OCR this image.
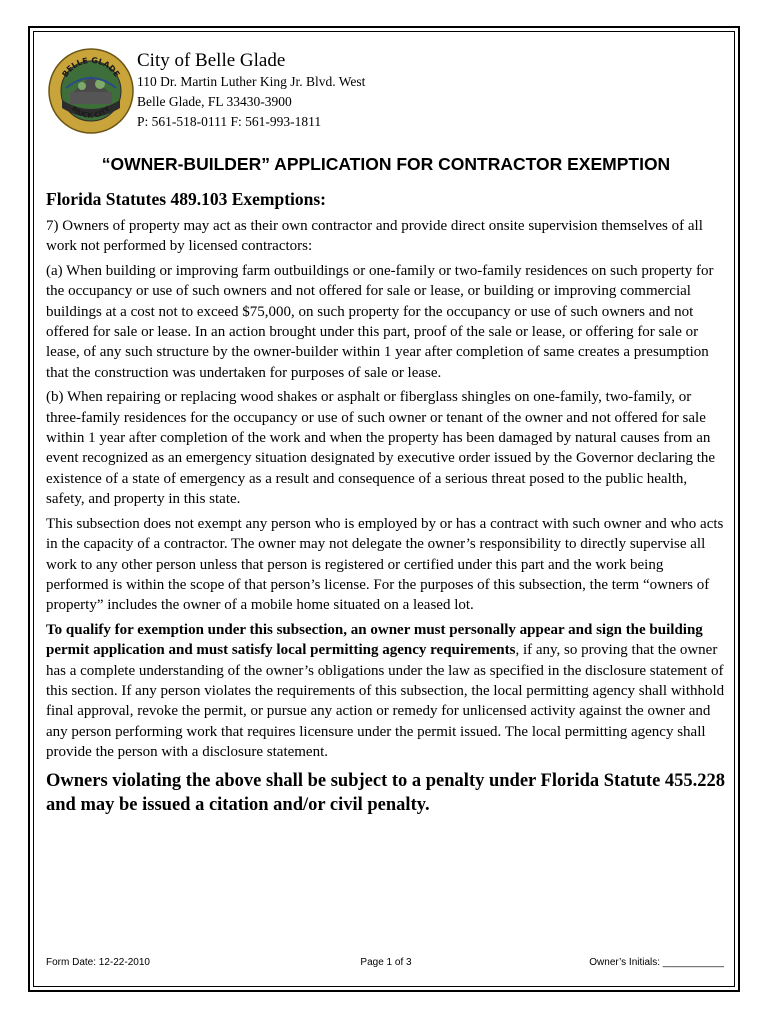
BELLE GLADE
MUCK CITY
City of Belle Glade
110 Dr. Martin Luther King Jr. Blvd. West
Belle Glade, FL 33430-3900
P: 561-518-0111 F: 561-993-1811
“OWNER-BUILDER” APPLICATION FOR CONTRACTOR EXEMPTION
Florida Statutes 489.103 Exemptions:

7) Owners of property may act as their own contractor and provide direct onsite supervision themselves of all work not performed by licensed contractors:

(a) When building or improving farm outbuildings or one-family or two-family residences on such property for the occupancy or use of such owners and not offered for sale or lease, or building or improving commercial buildings at a cost not to exceed $75,000, on such property for the occupancy or use of such owners and not offered for sale or lease. In an action brought under this part, proof of the sale or lease, or offering for sale or lease, of any such structure by the owner-builder within 1 year after completion of same creates a presumption that the construction was undertaken for purposes of sale or lease.

(b) When repairing or replacing wood shakes or asphalt or fiberglass shingles on one-family, two-family, or three-family residences for the occupancy or use of such owner or tenant of the owner and not offered for sale within 1 year after completion of the work and when the property has been damaged by natural causes from an event recognized as an emergency situation designated by executive order issued by the Governor declaring the existence of a state of emergency as a result and consequence of a serious threat posed to the public health, safety, and property in this state.

This subsection does not exempt any person who is employed by or has a contract with such owner and who acts in the capacity of a contractor. The owner may not delegate the owner’s responsibility to directly supervise all work to any other person unless that person is registered or certified under this part and the work being performed is within the scope of that person’s license. For the purposes of this subsection, the term “owners of property” includes the owner of a mobile home situated on a leased lot.

To qualify for exemption under this subsection, an owner must personally appear and sign the building permit application and must satisfy local permitting agency requirements, if any, so proving that the owner has a complete understanding of the owner’s obligations under the law as specified in the disclosure statement of this section. If any person violates the requirements of this subsection, the local permitting agency shall withhold final approval, revoke the permit, or pursue any action or remedy for unlicensed activity against the owner and any person performing work that requires licensure under the permit issued. The local permitting agency shall provide the person with a disclosure statement.

Owners violating the above shall be subject to a penalty under Florida Statute 455.228 and may be issued a citation and/or civil penalty.
Form Date: 12-22-2010	Page 1 of 3	Owner’s Initials: ___________
